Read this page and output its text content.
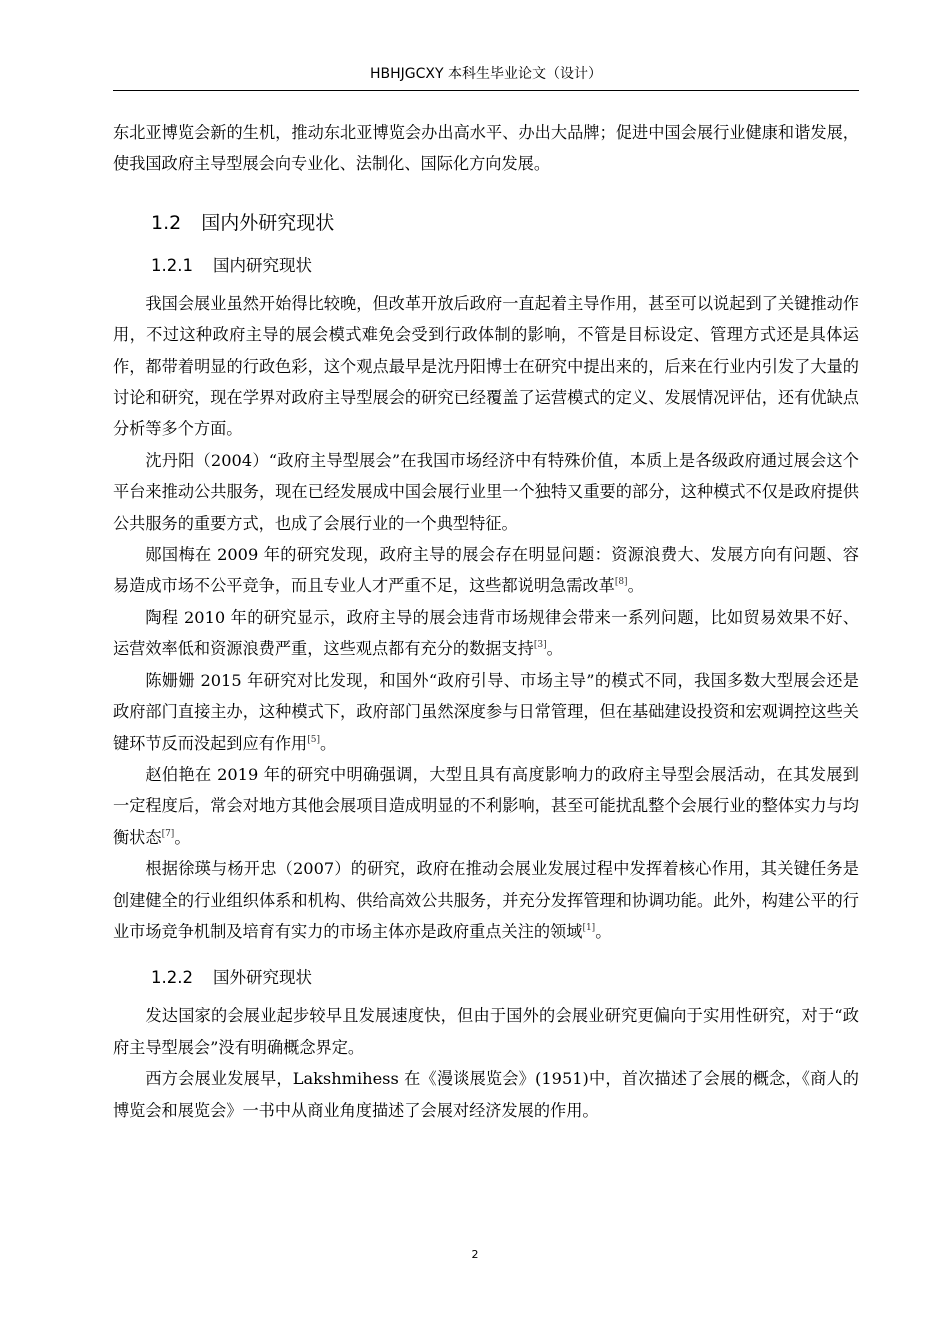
HBHJGCXY 本科生毕业论文（设计）

东北亚博览会新的生机，推动东北亚博览会办出高水平、办出大品牌；促进中国会展行业健康和谐发展，使我国政府主导型展会向专业化、法制化、国际化方向发展。

1.2 国内外研究现状
1.2.1 国内研究现状

我国会展业虽然开始得比较晚，但改革开放后政府一直起着主导作用，甚至可以说起到了关键推动作用，不过这种政府主导的展会模式难免会受到行政体制的影响，不管是目标设定、管理方式还是具体运作，都带着明显的行政色彩，这个观点最早是沈丹阳博士在研究中提出来的，后来在行业内引发了大量的讨论和研究，现在学界对政府主导型展会的研究已经覆盖了运营模式的定义、发展情况评估，还有优缺点分析等多个方面。

沈丹阳（2004）“政府主导型展会”在我国市场经济中有特殊价值，本质上是各级政府通过展会这个平台来推动公共服务，现在已经发展成中国会展行业里一个独特又重要的部分，这种模式不仅是政府提供公共服务的重要方式，也成了会展行业的一个典型特征。

郧国梅在 2009 年的研究发现，政府主导的展会存在明显问题：资源浪费大、发展方向有问题、容易造成市场不公平竞争，而且专业人才严重不足，这些都说明急需改革[8]。

陶程 2010 年的研究显示，政府主导的展会违背市场规律会带来一系列问题，比如贸易效果不好、运营效率低和资源浪费严重，这些观点都有充分的数据支持[3]。

陈姗姗 2015 年研究对比发现，和国外“政府引导、市场主导”的模式不同，我国多数大型展会还是政府部门直接主办，这种模式下，政府部门虽然深度参与日常管理，但在基础建设投资和宏观调控这些关键环节反而没起到应有作用[5]。

赵伯艳在 2019 年的研究中明确强调，大型且具有高度影响力的政府主导型会展活动，在其发展到一定程度后，常会对地方其他会展项目造成明显的不利影响，甚至可能扰乱整个会展行业的整体实力与均衡状态[7]。

根据徐瑛与杨开忠（2007）的研究，政府在推动会展业发展过程中发挥着核心作用，其关键任务是创建健全的行业组织体系和机构、供给高效公共服务，并充分发挥管理和协调功能。此外，构建公平的行业市场竞争机制及培育有实力的市场主体亦是政府重点关注的领域[1]。

1.2.2 国外研究现状

发达国家的会展业起步较早且发展速度快，但由于国外的会展业研究更偏向于实用性研究，对于“政府主导型展会”没有明确概念界定。

西方会展业发展早，Lakshmihess 在《漫谈展览会》(1951)中，首次描述了会展的概念，《商人的博览会和展览会》一书中从商业角度描述了会展对经济发展的作用。

2
